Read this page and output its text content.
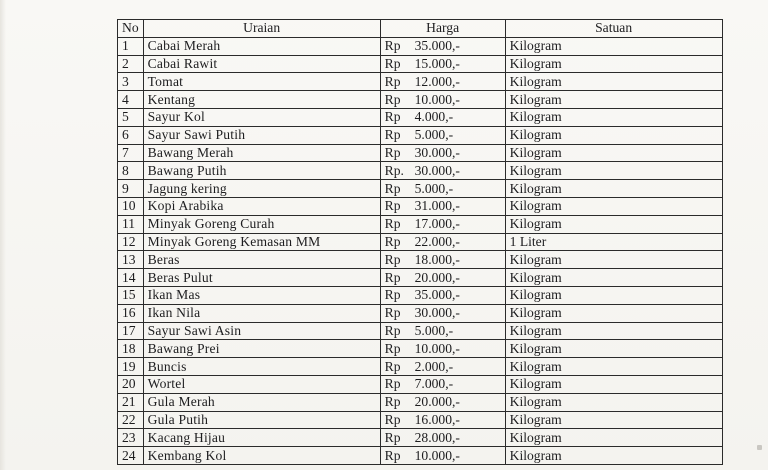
No	Uraian	Harga	Satuan
1	Cabai Merah	Rp 35.000,-	Kilogram
2	Cabai Rawit	Rp 15.000,-	Kilogram
3	Tomat	Rp 12.000,-	Kilogram
4	Kentang	Rp 10.000,-	Kilogram
5	Sayur Kol	Rp 4.000,-	Kilogram
6	Sayur Sawi Putih	Rp 5.000,-	Kilogram
7	Bawang Merah	Rp 30.000,-	Kilogram
8	Bawang Putih	Rp. 30.000,-	Kilogram
9	Jagung kering	Rp 5.000,-	Kilogram
10	Kopi Arabika	Rp 31.000,-	Kilogram
11	Minyak Goreng Curah	Rp 17.000,-	Kilogram
12	Minyak Goreng Kemasan MM	Rp 22.000,-	1 Liter
13	Beras	Rp 18.000,-	Kilogram
14	Beras Pulut	Rp 20.000,-	Kilogram
15	Ikan Mas	Rp 35.000,-	Kilogram
16	Ikan Nila	Rp 30.000,-	Kilogram
17	Sayur Sawi Asin	Rp 5.000,-	Kilogram
18	Bawang Prei	Rp 10.000,-	Kilogram
19	Buncis	Rp 2.000,-	Kilogram
20	Wortel	Rp 7.000,-	Kilogram
21	Gula Merah	Rp 20.000,-	Kilogram
22	Gula Putih	Rp 16.000,-	Kilogram
23	Kacang Hijau	Rp 28.000,-	Kilogram
24	Kembang Kol	Rp 10.000,-	Kilogram
